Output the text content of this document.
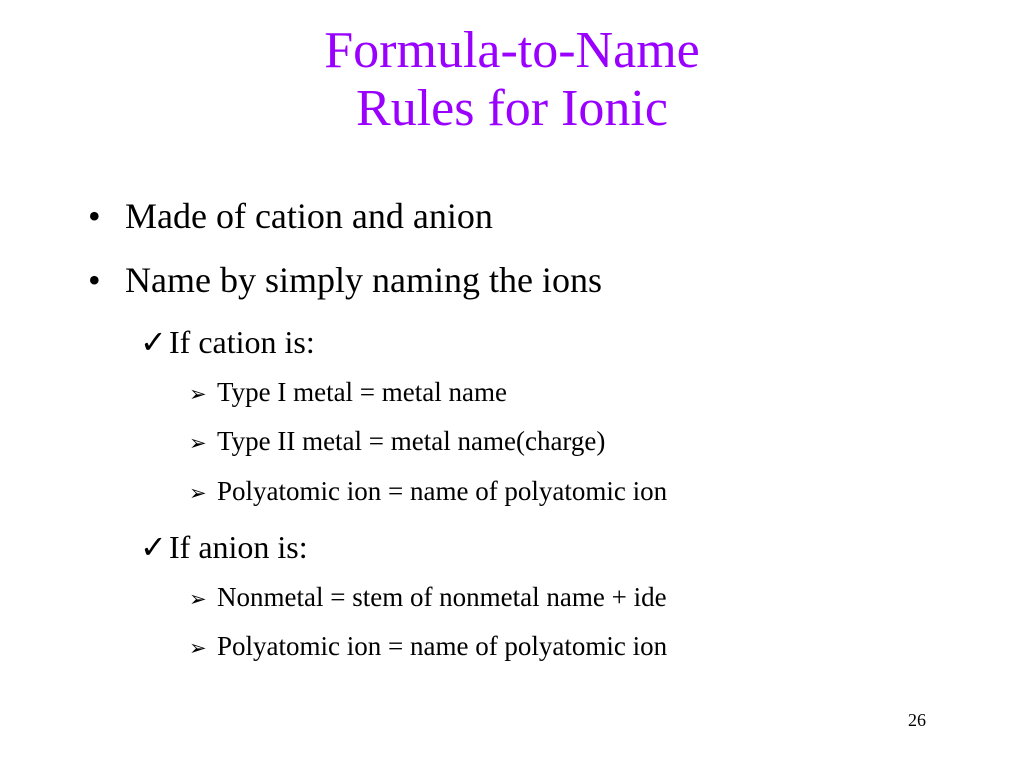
Formula-to-Name
Rules for Ionic
• Made of cation and anion
• Name by simply naming the ions
✓If cation is:
➢ Type I metal = metal name
➢ Type II metal = metal name(charge)
➢ Polyatomic ion = name of polyatomic ion
✓If anion is:
➢ Nonmetal = stem of nonmetal name + ide
➢ Polyatomic ion = name of polyatomic ion
26
